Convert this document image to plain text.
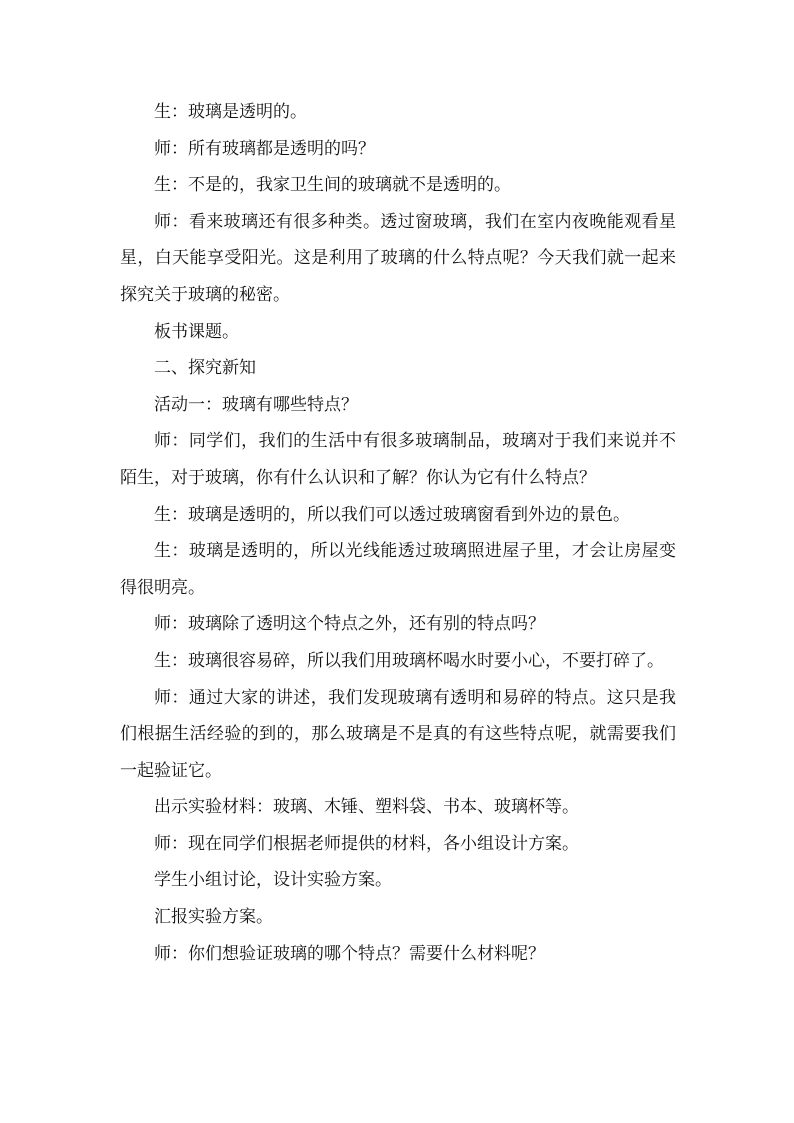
生：玻璃是透明的。

师：所有玻璃都是透明的吗？

生：不是的，我家卫生间的玻璃就不是透明的。

师：看来玻璃还有很多种类。透过窗玻璃，我们在室内夜晚能观看星星，白天能享受阳光。这是利用了玻璃的什么特点呢？今天我们就一起来探究关于玻璃的秘密。

板书课题。

二、探究新知

活动一：玻璃有哪些特点？

师：同学们，我们的生活中有很多玻璃制品，玻璃对于我们来说并不陌生，对于玻璃，你有什么认识和了解？你认为它有什么特点？

生：玻璃是透明的，所以我们可以透过玻璃窗看到外边的景色。

生：玻璃是透明的，所以光线能透过玻璃照进屋子里，才会让房屋变得很明亮。

师：玻璃除了透明这个特点之外，还有别的特点吗？

生：玻璃很容易碎，所以我们用玻璃杯喝水时要小心，不要打碎了。

师：通过大家的讲述，我们发现玻璃有透明和易碎的特点。这只是我们根据生活经验的到的，那么玻璃是不是真的有这些特点呢，就需要我们一起验证它。

出示实验材料：玻璃、木锤、塑料袋、书本、玻璃杯等。

师：现在同学们根据老师提供的材料，各小组设计方案。

学生小组讨论，设计实验方案。

汇报实验方案。

师：你们想验证玻璃的哪个特点？需要什么材料呢？
